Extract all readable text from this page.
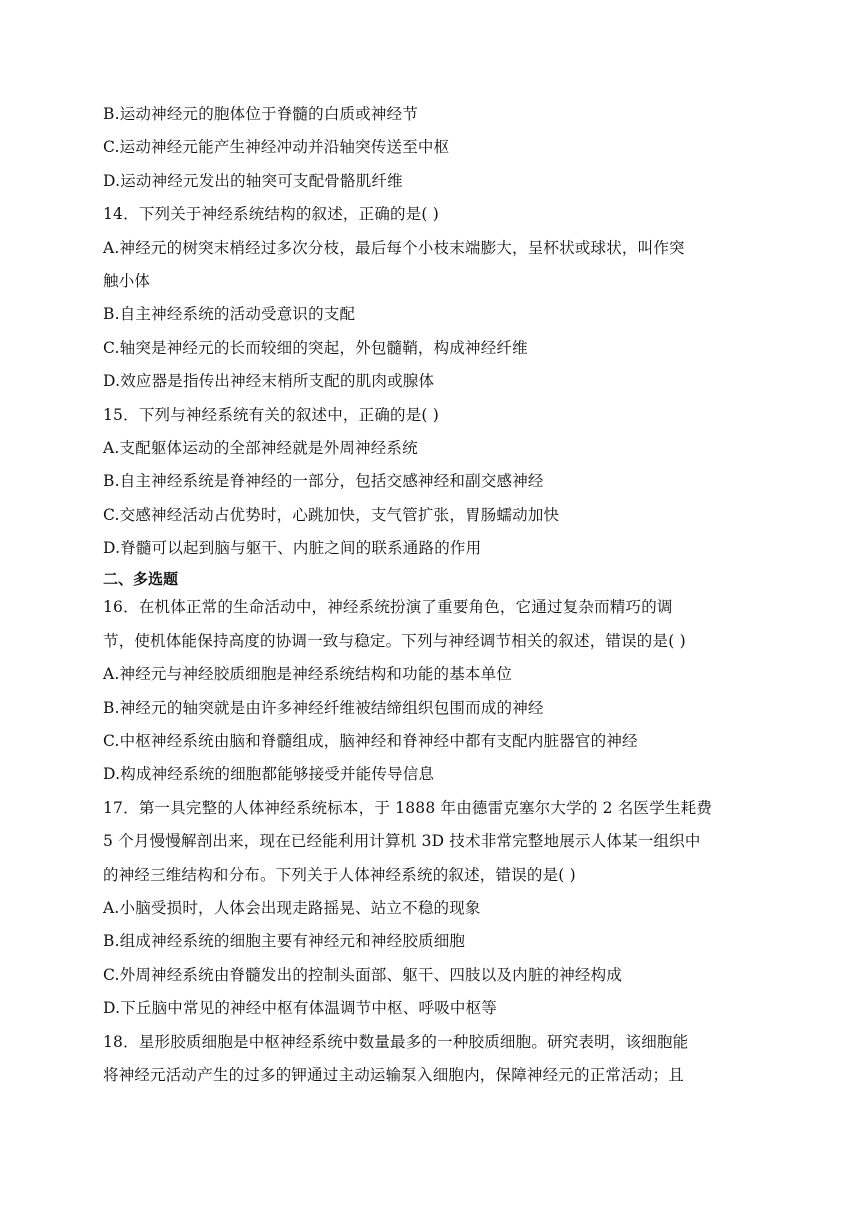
B.运动神经元的胞体位于脊髓的白质或神经节
C.运动神经元能产生神经冲动并沿轴突传送至中枢
D.运动神经元发出的轴突可支配骨骼肌纤维
14．下列关于神经系统结构的叙述，正确的是( )
A.神经元的树突末梢经过多次分枝，最后每个小枝末端膨大，呈杯状或球状，叫作突
触小体
B.自主神经系统的活动受意识的支配
C.轴突是神经元的长而较细的突起，外包髓鞘，构成神经纤维
D.效应器是指传出神经末梢所支配的肌肉或腺体
15．下列与神经系统有关的叙述中，正确的是( )
A.支配躯体运动的全部神经就是外周神经系统
B.自主神经系统是脊神经的一部分，包括交感神经和副交感神经
C.交感神经活动占优势时，心跳加快，支气管扩张，胃肠蠕动加快
D.脊髓可以起到脑与躯干、内脏之间的联系通路的作用
二、多选题
16．在机体正常的生命活动中，神经系统扮演了重要角色，它通过复杂而精巧的调
节，使机体能保持高度的协调一致与稳定。下列与神经调节相关的叙述，错误的是( )
A.神经元与神经胶质细胞是神经系统结构和功能的基本单位
B.神经元的轴突就是由许多神经纤维被结缔组织包围而成的神经
C.中枢神经系统由脑和脊髓组成，脑神经和脊神经中都有支配内脏器官的神经
D.构成神经系统的细胞都能够接受并能传导信息
17．第一具完整的人体神经系统标本，于 1888 年由德雷克塞尔大学的 2 名医学生耗费
5 个月慢慢解剖出来，现在已经能利用计算机 3D 技术非常完整地展示人体某一组织中
的神经三维结构和分布。下列关于人体神经系统的叙述，错误的是( )
A.小脑受损时，人体会出现走路摇晃、站立不稳的现象
B.组成神经系统的细胞主要有神经元和神经胶质细胞
C.外周神经系统由脊髓发出的控制头面部、躯干、四肢以及内脏的神经构成
D.下丘脑中常见的神经中枢有体温调节中枢、呼吸中枢等
18．星形胶质细胞是中枢神经系统中数量最多的一种胶质细胞。研究表明，该细胞能
将神经元活动产生的过多的钾通过主动运输泵入细胞内，保障神经元的正常活动；且
